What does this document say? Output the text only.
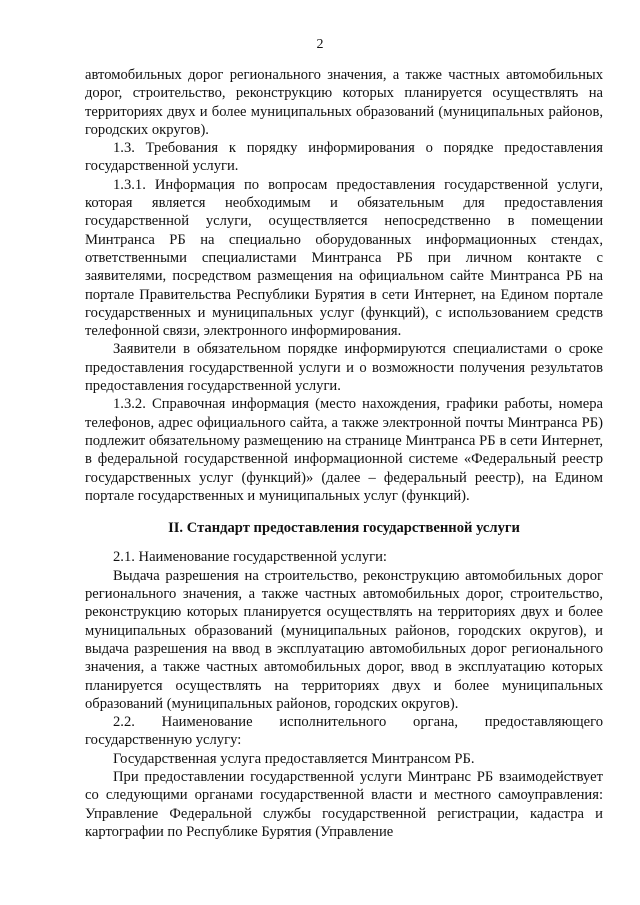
2

автомобильных дорог регионального значения, а также частных автомобильных дорог, строительство, реконструкцию которых планируется осуществлять на территориях двух и более муниципальных образований (муниципальных районов, городских округов).

1.3. Требования к порядку информирования о порядке предоставления государственной услуги.

1.3.1. Информация по вопросам предоставления государственной услуги, которая является необходимым и обязательным для предоставления государственной услуги, осуществляется непосредственно в помещении Минтранса РБ на специально оборудованных информационных стендах, ответственными специалистами Минтранса РБ при личном контакте с заявителями, посредством размещения на официальном сайте Минтранса РБ на портале Правительства Республики Бурятия в сети Интернет, на Едином портале государственных и муниципальных услуг (функций), с использованием средств телефонной связи, электронного информирования.

Заявители в обязательном порядке информируются специалистами о сроке предоставления государственной услуги и о возможности получения результатов предоставления государственной услуги.

1.3.2. Справочная информация (место нахождения, графики работы, номера телефонов, адрес официального сайта, а также электронной почты Минтранса РБ) подлежит обязательному размещению на странице Минтранса РБ в сети Интернет, в федеральной государственной информационной системе «Федеральный реестр государственных услуг (функций)» (далее – федеральный реестр), на Едином портале государственных и муниципальных услуг (функций).

II. Стандарт предоставления государственной услуги

2.1. Наименование государственной услуги:

Выдача разрешения на строительство, реконструкцию автомобильных дорог регионального значения, а также частных автомобильных дорог, строительство, реконструкцию которых планируется осуществлять на территориях двух и более муниципальных образований (муниципальных районов, городских округов), и выдача разрешения на ввод в эксплуатацию автомобильных дорог регионального значения, а также частных автомобильных дорог, ввод в эксплуатацию которых планируется осуществлять на территориях двух и более муниципальных образований (муниципальных районов, городских округов).

2.2. Наименование исполнительного органа, предоставляющего государственную услугу:

Государственная услуга предоставляется Минтрансом РБ.

При предоставлении государственной услуги Минтранс РБ взаимодействует со следующими органами государственной власти и местного самоуправления: Управление Федеральной службы государственной регистрации, кадастра и картографии по Республике Бурятия (Управление
